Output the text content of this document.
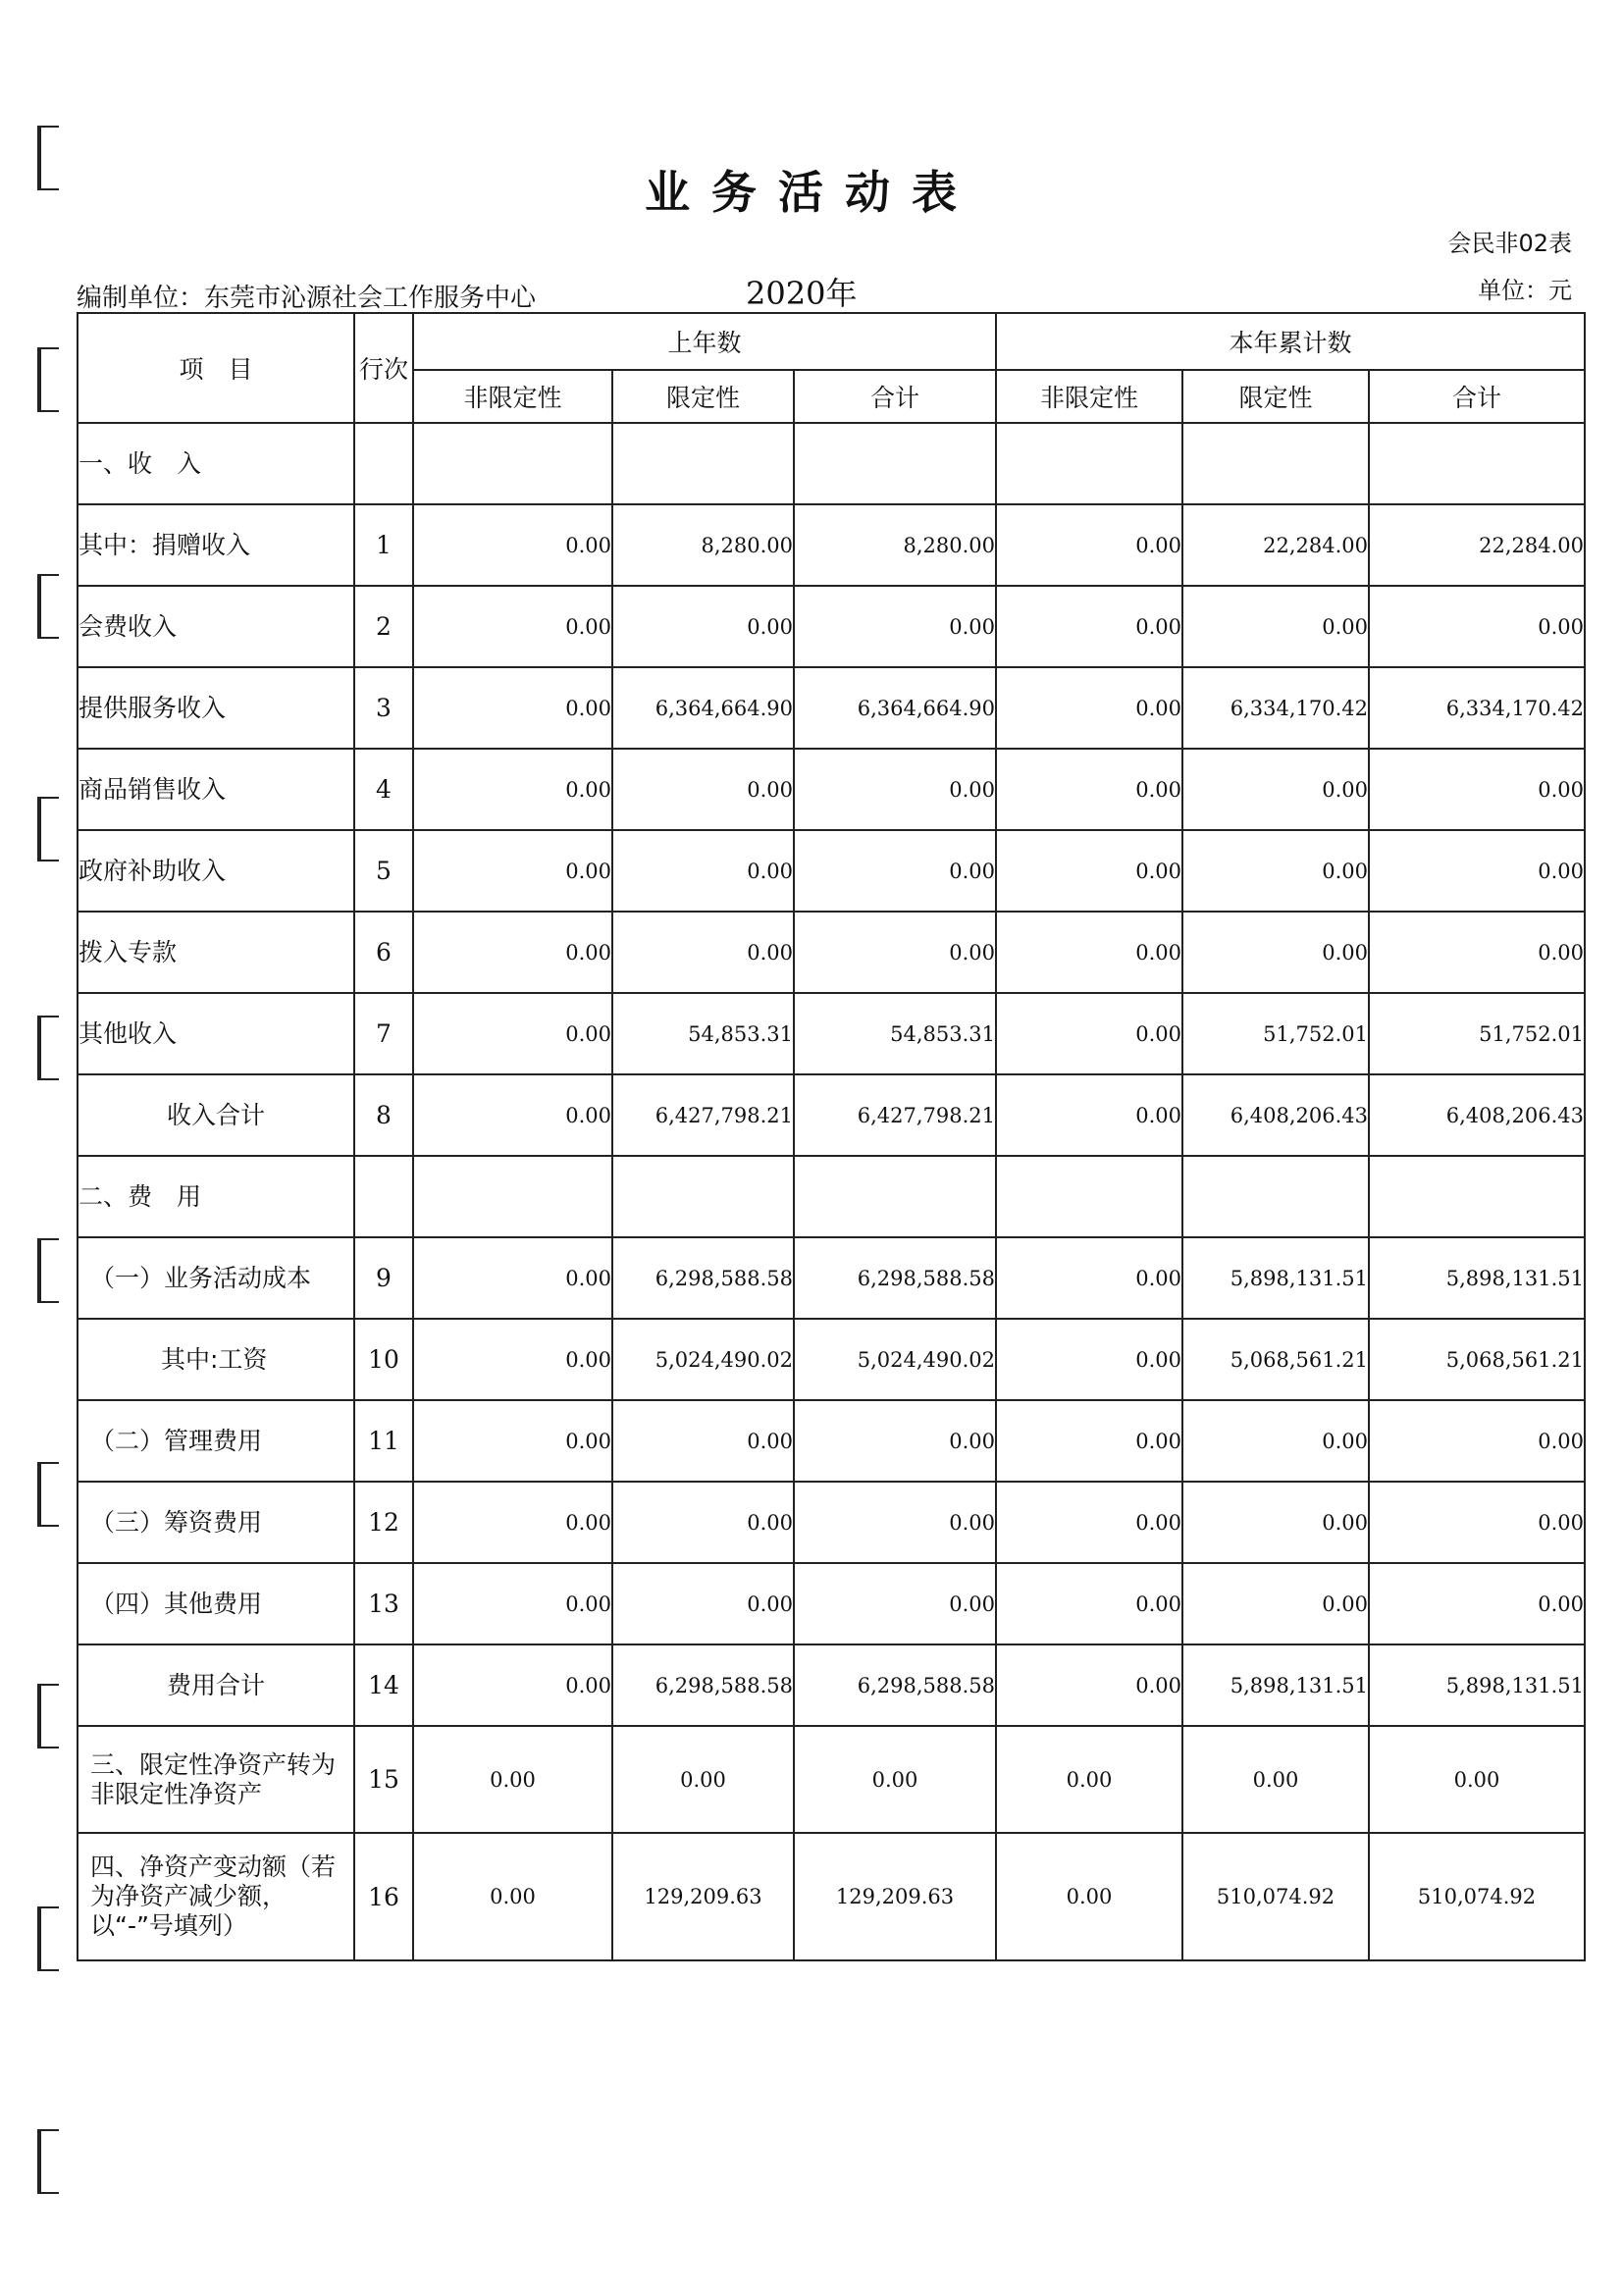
业务活动表
会民非02表
编制单位：东莞市沁源社会工作服务中心	2020年	单位：元
项　目	行次	上年数			本年累计数		
		非限定性	限定性	合计	非限定性	限定性	合计
一、收　入							
其中：捐赠收入	1	0.00	8,280.00	8,280.00	0.00	22,284.00	22,284.00
会费收入	2	0.00	0.00	0.00	0.00	0.00	0.00
提供服务收入	3	0.00	6,364,664.90	6,364,664.90	0.00	6,334,170.42	6,334,170.42
商品销售收入	4	0.00	0.00	0.00	0.00	0.00	0.00
政府补助收入	5	0.00	0.00	0.00	0.00	0.00	0.00
拨入专款	6	0.00	0.00	0.00	0.00	0.00	0.00
其他收入	7	0.00	54,853.31	54,853.31	0.00	51,752.01	51,752.01
收入合计	8	0.00	6,427,798.21	6,427,798.21	0.00	6,408,206.43	6,408,206.43
二、费　用							
（一）业务活动成本	9	0.00	6,298,588.58	6,298,588.58	0.00	5,898,131.51	5,898,131.51
其中:工资	10	0.00	5,024,490.02	5,024,490.02	0.00	5,068,561.21	5,068,561.21
（二）管理费用	11	0.00	0.00	0.00	0.00	0.00	0.00
（三）筹资费用	12	0.00	0.00	0.00	0.00	0.00	0.00
（四）其他费用	13	0.00	0.00	0.00	0.00	0.00	0.00
费用合计	14	0.00	6,298,588.58	6,298,588.58	0.00	5,898,131.51	5,898,131.51
三、限定性净资产转为非限定性净资产	15	0.00	0.00	0.00	0.00	0.00	0.00
四、净资产变动额（若为净资产减少额，以“-”号填列）	16	0.00	129,209.63	129,209.63	0.00	510,074.92	510,074.92
